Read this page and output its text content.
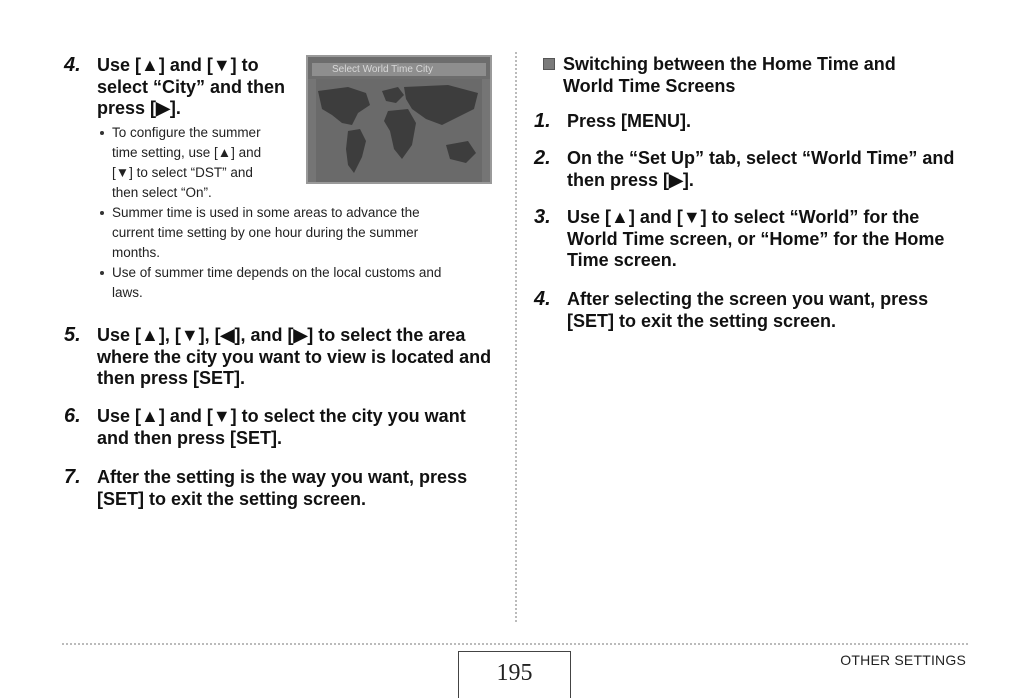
4. Use [▲] and [▼] to
select “City” and then
press [▶].
To configure the summer
time setting, use [▲] and
[▼] to select “DST” and
then select “On”.
Summer time is used in some areas to advance the
current time setting by one hour during the summer
months.
Use of summer time depends on the local customs and
laws.
Select World Time City
5. Use [▲], [▼], [◀], and [▶] to select the area
where the city you want to view is located and
then press [SET].
6. Use [▲] and [▼] to select the city you want
and then press [SET].
7. After the setting is the way you want, press
[SET] to exit the setting screen.
Switching between the Home Time and
World Time Screens
1. Press [MENU].
2. On the “Set Up” tab, select “World Time” and
then press [▶].
3. Use [▲] and [▼] to select “World” for the
World Time screen, or “Home” for the Home
Time screen.
4. After selecting the screen you want, press
[SET] to exit the setting screen.
195	OTHER SETTINGS
